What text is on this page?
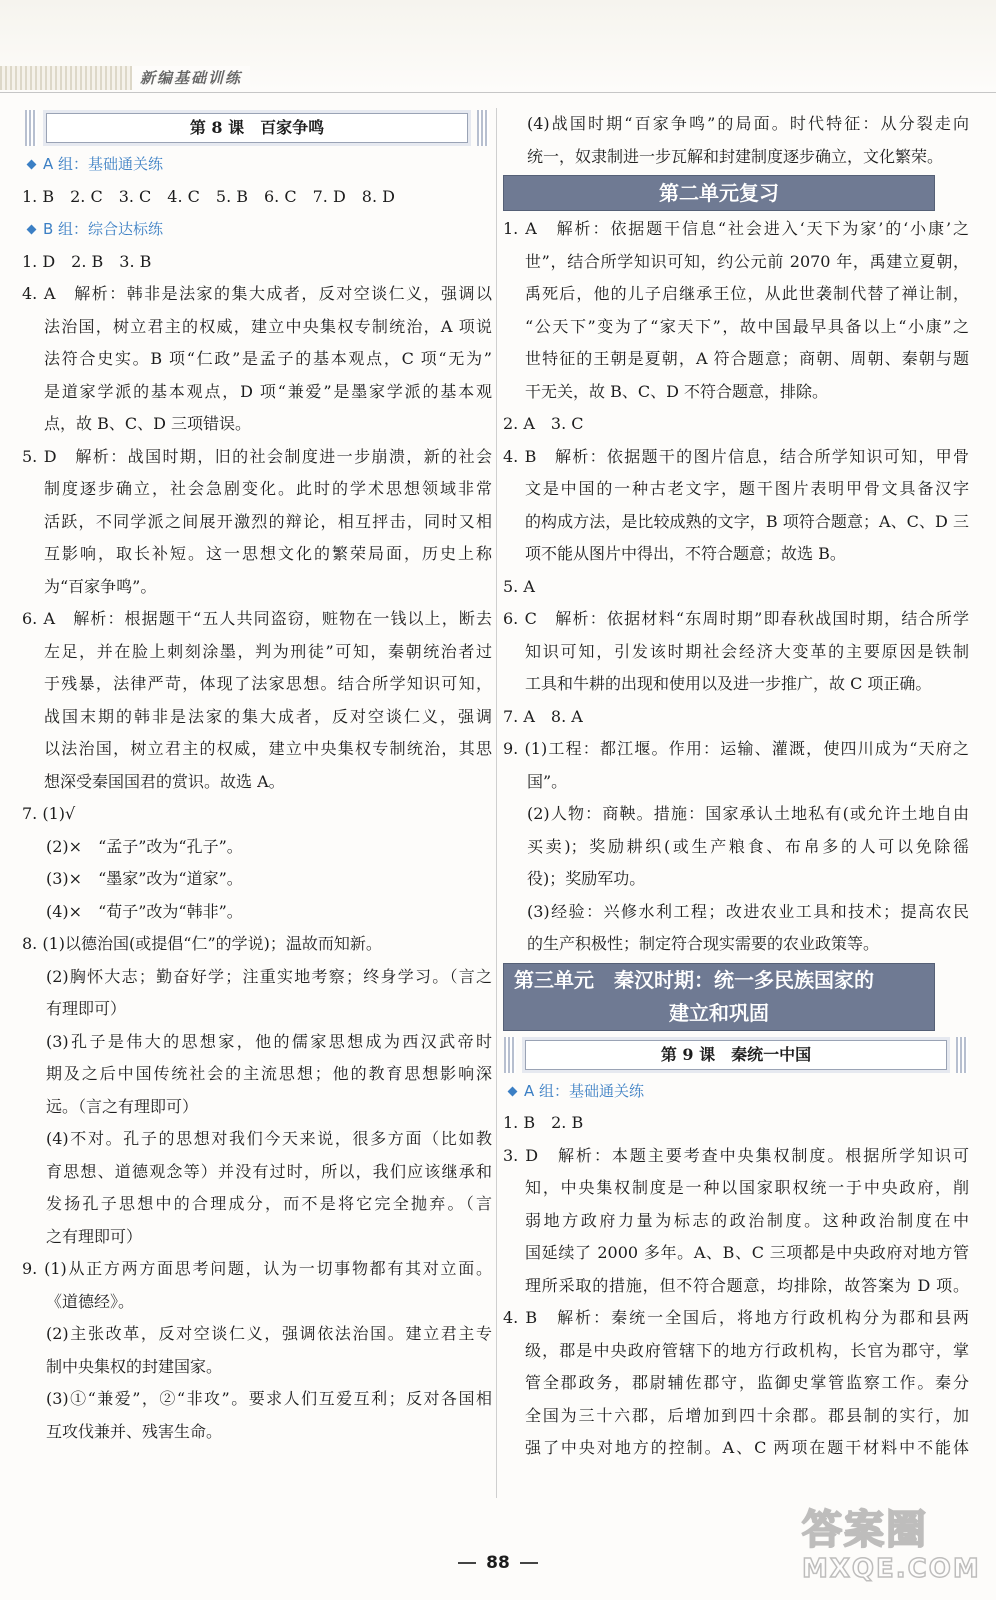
新编基础训练
第 8 课　百家争鸣
A 组：基础通关练
1. B　2. C　3. C　4. C　5. B　6. C　7. D　8. D
B 组：综合达标练
1. D　2. B　3. B
4. A　解析：韩非是法家的集大成者，反对空谈仁义，强调以
法治国，树立君主的权威，建立中央集权专制统治，A 项说
法符合史实。B 项“仁政”是孟子的基本观点，C 项“无为”
是道家学派的基本观点，D 项“兼爱”是墨家学派的基本观
点，故 B、C、D 三项错误。
5. D　解析：战国时期，旧的社会制度进一步崩溃，新的社会
制度逐步确立，社会急剧变化。此时的学术思想领域非常
活跃，不同学派之间展开激烈的辩论，相互抨击，同时又相
互影响，取长补短。这一思想文化的繁荣局面，历史上称
为“百家争鸣”。
6. A　解析：根据题干“五人共同盗窃，赃物在一钱以上，断去
左足，并在脸上刺刻涂墨，判为刑徒”可知，秦朝统治者过
于残暴，法律严苛，体现了法家思想。结合所学知识可知，
战国末期的韩非是法家的集大成者，反对空谈仁义，强调
以法治国，树立君主的权威，建立中央集权专制统治，其思
想深受秦国国君的赏识。故选 A。
7. (1)√
(2)×　“孟子”改为“孔子”。
(3)×　“墨家”改为“道家”。
(4)×　“荀子”改为“韩非”。
8. (1)以德治国(或提倡“仁”的学说)；温故而知新。
(2)胸怀大志；勤奋好学；注重实地考察；终身学习。（言之
有理即可）
(3)孔子是伟大的思想家，他的儒家思想成为西汉武帝时
期及之后中国传统社会的主流思想；他的教育思想影响深
远。（言之有理即可）
(4)不对。孔子的思想对我们今天来说，很多方面（比如教
育思想、道德观念等）并没有过时，所以，我们应该继承和
发扬孔子思想中的合理成分，而不是将它完全抛弃。（言
之有理即可）
9. (1)从正方两方面思考问题，认为一切事物都有其对立面。
《道德经》。
(2)主张改革，反对空谈仁义，强调依法治国。建立君主专
制中央集权的封建国家。
(3)①“兼爱”，②“非攻”。要求人们互爱互利；反对各国相
互攻伐兼并、残害生命。
(4)战国时期“百家争鸣”的局面。时代特征：从分裂走向
统一，奴隶制进一步瓦解和封建制度逐步确立，文化繁荣。
第二单元复习
1. A　解析：依据题干信息“社会进入‘天下为家’的‘小康’之
世”，结合所学知识可知，约公元前 2070 年，禹建立夏朝，
禹死后，他的儿子启继承王位，从此世袭制代替了禅让制，
“公天下”变为了“家天下”，故中国最早具备以上“小康”之
世特征的王朝是夏朝，A 符合题意；商朝、周朝、秦朝与题
干无关，故 B、C、D 不符合题意，排除。
2. A　3. C
4. B　解析：依据题干的图片信息，结合所学知识可知，甲骨
文是中国的一种古老文字，题干图片表明甲骨文具备汉字
的构成方法，是比较成熟的文字，B 项符合题意；A、C、D 三
项不能从图片中得出，不符合题意；故选 B。
5. A
6. C　解析：依据材料“东周时期”即春秋战国时期，结合所学
知识可知，引发该时期社会经济大变革的主要原因是铁制
工具和牛耕的出现和使用以及进一步推广，故 C 项正确。
7. A　8. A
9. (1)工程：都江堰。作用：运输、灌溉，使四川成为“天府之
国”。
(2)人物：商鞅。措施：国家承认土地私有(或允许土地自由
买卖)；奖励耕织(或生产粮食、布帛多的人可以免除徭
役)；奖励军功。
(3)经验：兴修水利工程；改进农业工具和技术；提高农民
的生产积极性；制定符合现实需要的农业政策等。
第三单元　秦汉时期：统一多民族国家的
建立和巩固
第 9 课　秦统一中国
A 组：基础通关练
1. B　2. B
3. D　解析：本题主要考查中央集权制度。根据所学知识可
知，中央集权制度是一种以国家职权统一于中央政府，削
弱地方政府力量为标志的政治制度。这种政治制度在中
国延续了 2000 多年。A、B、C 三项都是中央政府对地方管
理所采取的措施，但不符合题意，均排除，故答案为 D 项。
4. B　解析：秦统一全国后，将地方行政机构分为郡和县两
级，郡是中央政府管辖下的地方行政机构，长官为郡守，掌
管全郡政务，郡尉辅佐郡守，监御史掌管监察工作。秦分
全国为三十六郡，后增加到四十余郡。郡县制的实行，加
强了中央对地方的控制。A、C 两项在题干材料中不能体
88
答案圈
MXQE.COM
